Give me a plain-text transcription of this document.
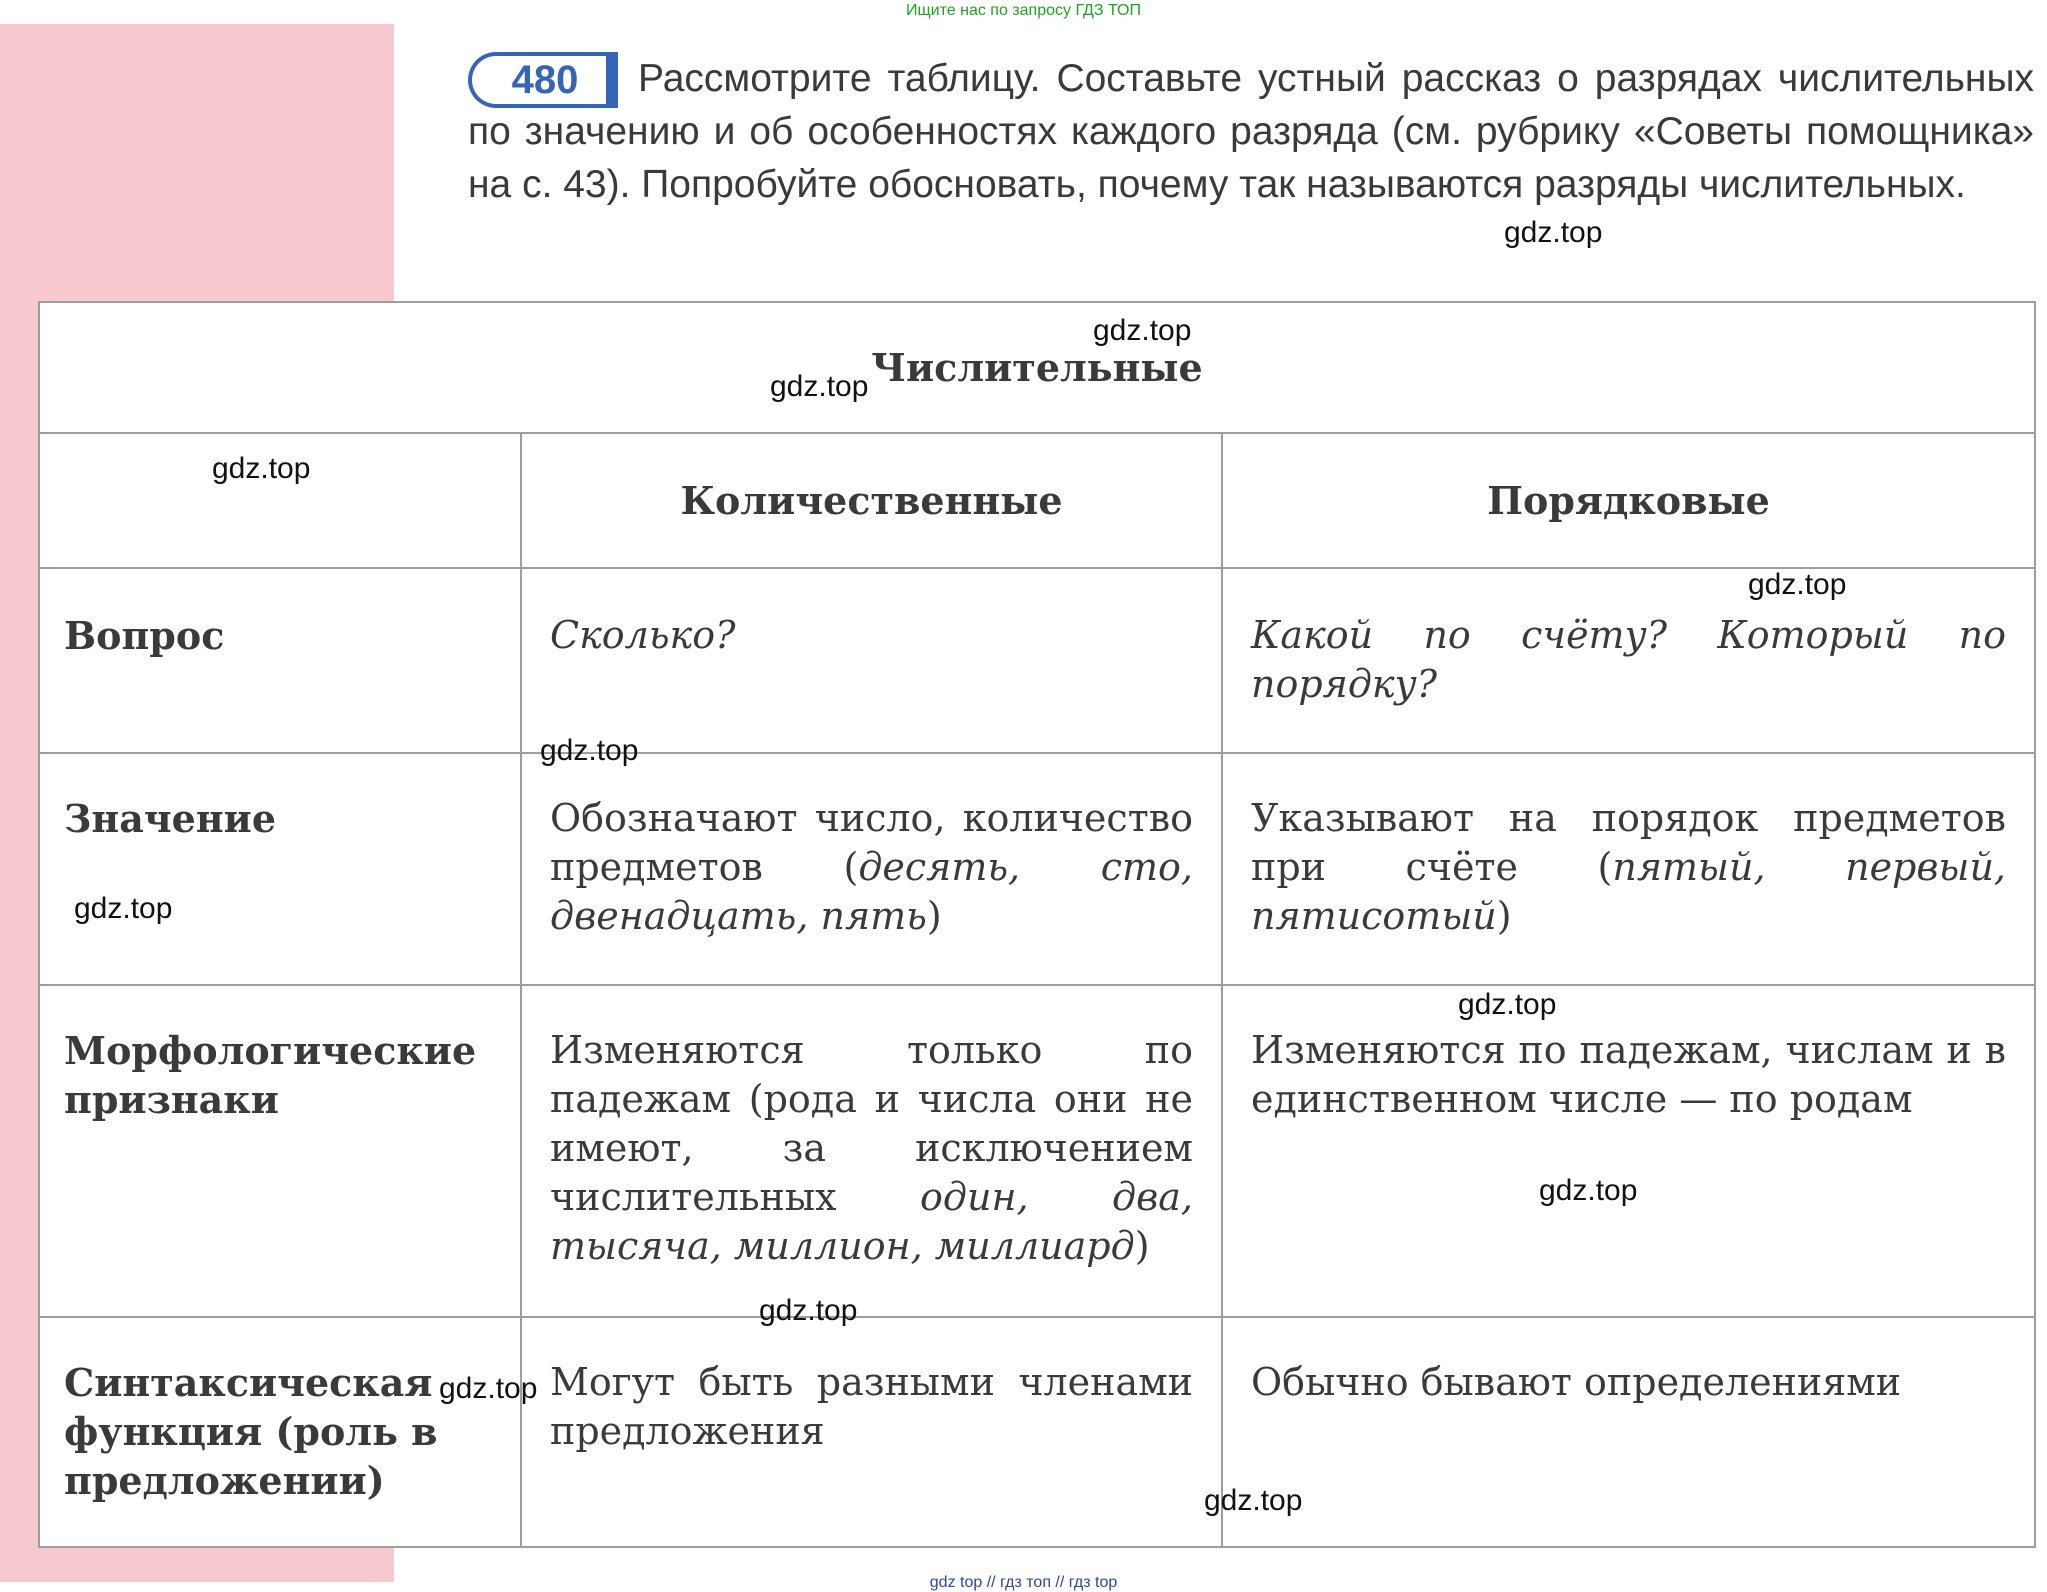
Ищите нас по запросу ГДЗ ТОП
Рассмотрите таблицу. Составьте устный рассказ о разрядах числительных по значению и об особенностях каждого разряда (см. рубрику «Советы помощника» на с. 43). Попробуйте обосновать, почему так называются разряды числительных.
480
Числительные		
	Количественные	Порядковые
Вопрос	Сколько?	Какой по счёту? Который по порядку?
Значение	Обозначают число, количество предметов (десять, сто, двенадцать, пять)	Указывают на порядок предметов при счёте (пятый, первый, пятисотый)
Морфологические признаки	Изменяются только по падежам (рода и числа они не имеют, за исключением числительных один, два, тысяча, миллион, миллиард)	Изменяются по падежам, числам и в единственном числе — по родам
Синтаксическая функция (роль в предложении)	Могут быть разными членами предложения	Обычно бывают определениями
gdz.top
gdz.top
gdz.top
gdz.top
gdz.top
gdz.top
gdz.top
gdz.top
gdz.top
gdz.top
gdz.top
gdz.top
gdz top // гдз топ // гдз top
